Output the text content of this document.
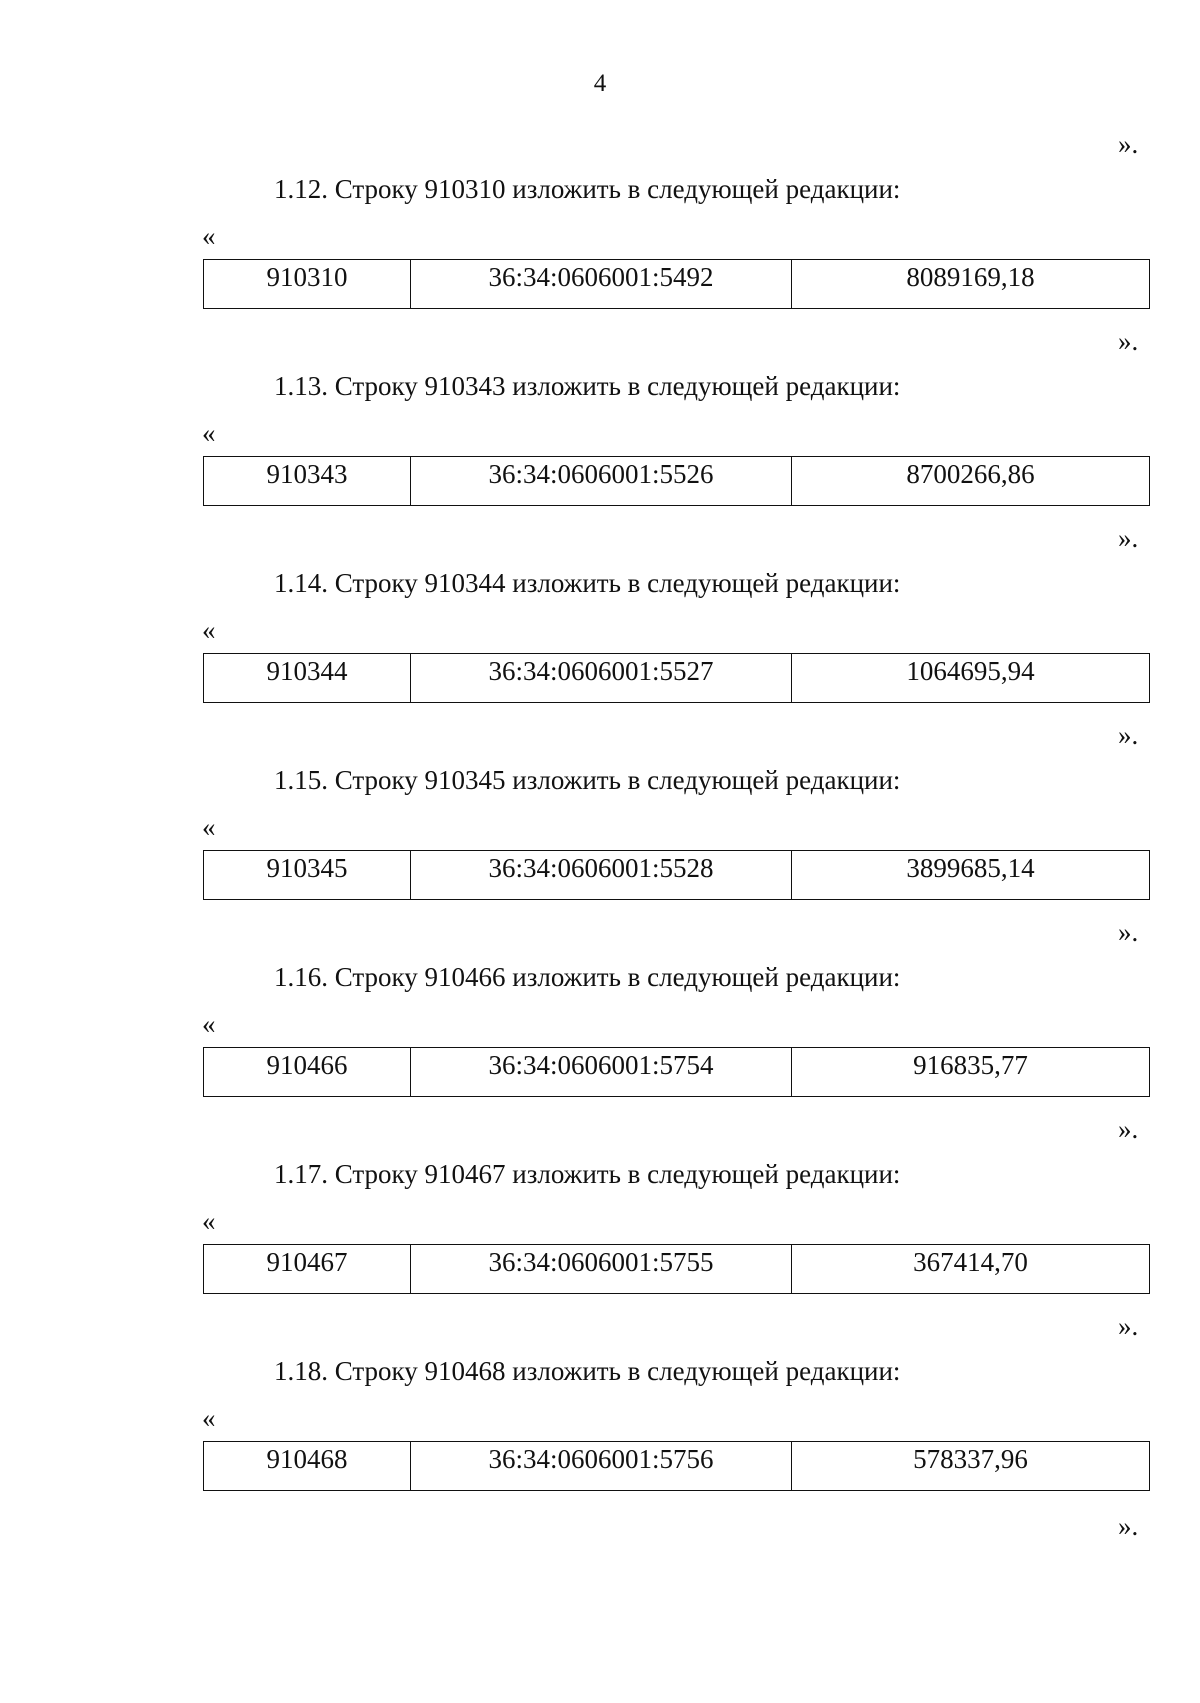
4
».
1.12. Строку 910310 изложить в следующей редакции:
«
910310	36:34:0606001:5492	8089169,18
».
1.13. Строку 910343 изложить в следующей редакции:
«
910343	36:34:0606001:5526	8700266,86
».
1.14. Строку 910344 изложить в следующей редакции:
«
910344	36:34:0606001:5527	1064695,94
».
1.15. Строку 910345 изложить в следующей редакции:
«
910345	36:34:0606001:5528	3899685,14
».
1.16. Строку 910466 изложить в следующей редакции:
«
910466	36:34:0606001:5754	916835,77
».
1.17. Строку 910467 изложить в следующей редакции:
«
910467	36:34:0606001:5755	367414,70
».
1.18. Строку 910468 изложить в следующей редакции:
«
910468	36:34:0606001:5756	578337,96
».
